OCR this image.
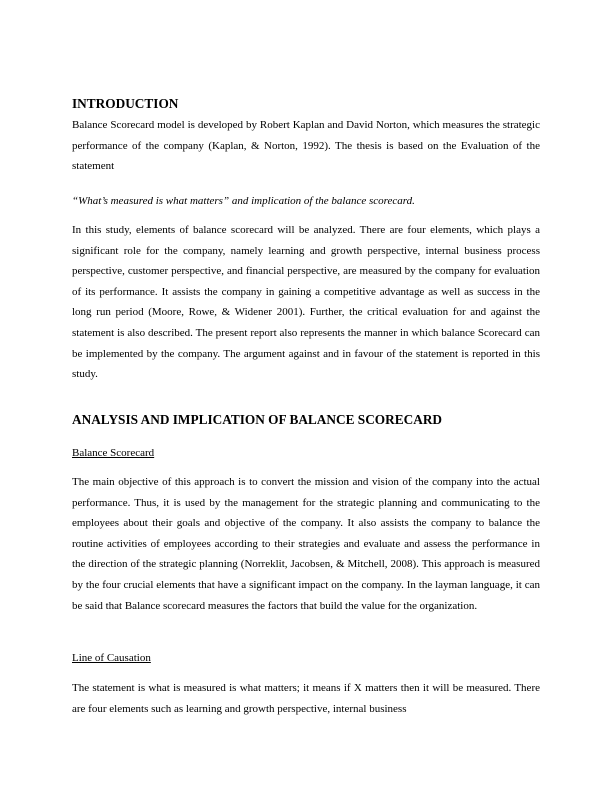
INTRODUCTION

Balance Scorecard model is developed by Robert Kaplan and David Norton, which measures the strategic performance of the company (Kaplan, & Norton, 1992). The thesis is based on the Evaluation of the statement

“What’s measured is what matters” and implication of the balance scorecard.

In this study, elements of balance scorecard will be analyzed. There are four elements, which plays a significant role for the company, namely learning and growth perspective, internal business process perspective, customer perspective, and financial perspective, are measured by the company for evaluation of its performance. It assists the company in gaining a competitive advantage as well as success in the long run period (Moore, Rowe, & Widener 2001). Further, the critical evaluation for and against the statement is also described. The present report also represents the manner in which balance Scorecard can be implemented by the company. The argument against and in favour of the statement is reported in this study.

ANALYSIS AND IMPLICATION OF BALANCE SCORECARD
Balance Scorecard

The main objective of this approach is to convert the mission and vision of the company into the actual performance. Thus, it is used by the management for the strategic planning and communicating to the employees about their goals and objective of the company. It also assists the company to balance the routine activities of employees according to their strategies and evaluate and assess the performance in the direction of the strategic planning (Norreklit, Jacobsen, & Mitchell, 2008). This approach is measured by the four crucial elements that have a significant impact on the company. In the layman language, it can be said that Balance scorecard measures the factors that build the value for the organization.

Line of Causation

The statement is what is measured is what matters; it means if X matters then it will be measured. There are four elements such as learning and growth perspective, internal business
